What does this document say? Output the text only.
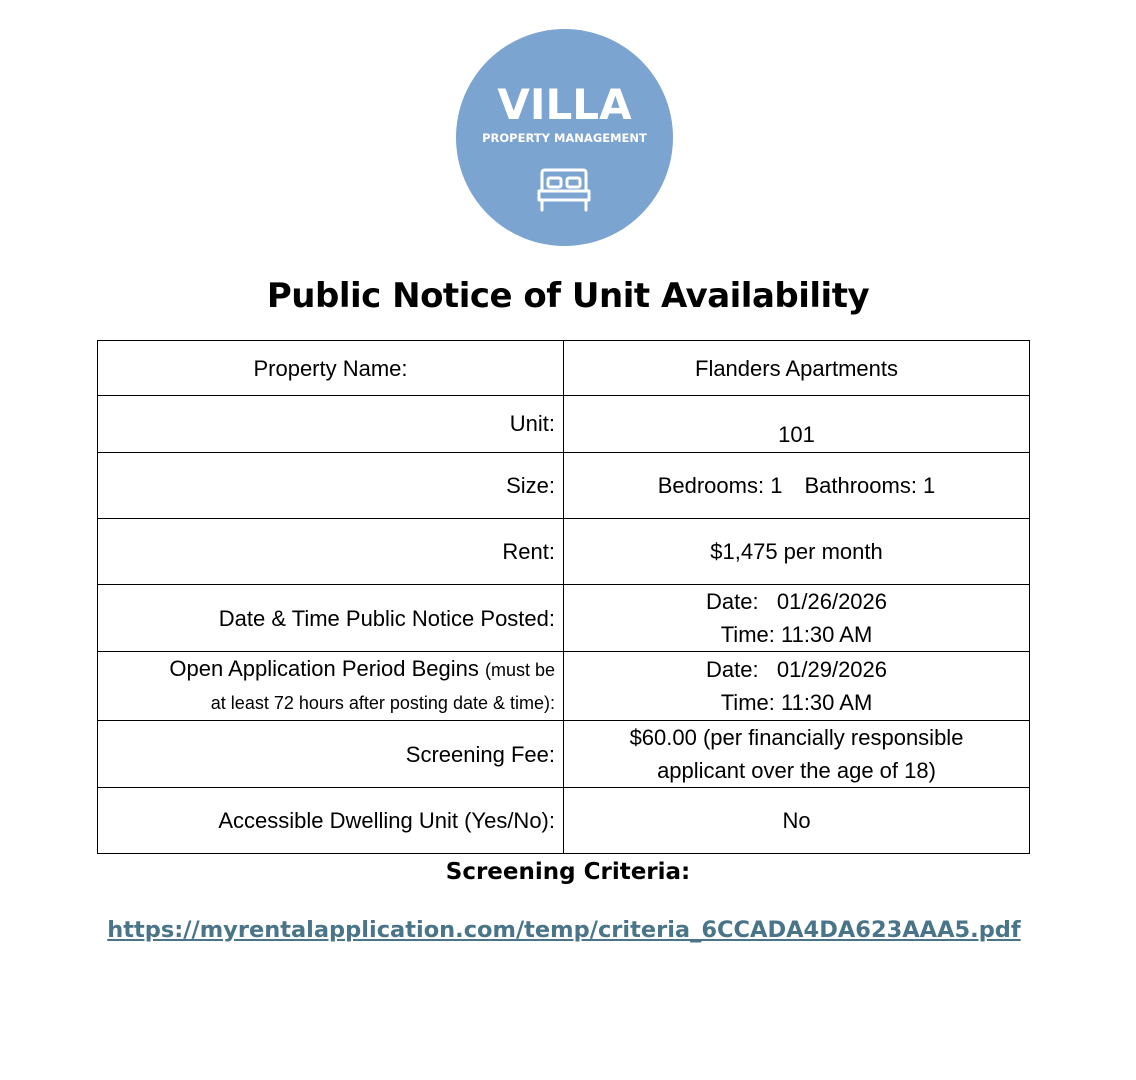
VILLA
PROPERTY MANAGEMENT
Public Notice of Unit Availability
Property Name:	Flanders Apartments
Unit:	101
Size:	Bedrooms: 1 Bathrooms: 1
Rent:	$1,475 per month
Date & Time Public Notice Posted:	Date:   01/26/2026
Time: 11:30 AM

Open Application Period Begins (must be
at least 72 hours after posting date & time):	Date:   01/29/2026
Time: 11:30 AM

Screening Fee:	$60.00 (per financially responsible
applicant over the age of 18)

Accessible Dwelling Unit (Yes/No):	No
Screening Criteria:
https://myrentalapplication.com/temp/criteria_6CCADA4DA623AAA5.pdf
